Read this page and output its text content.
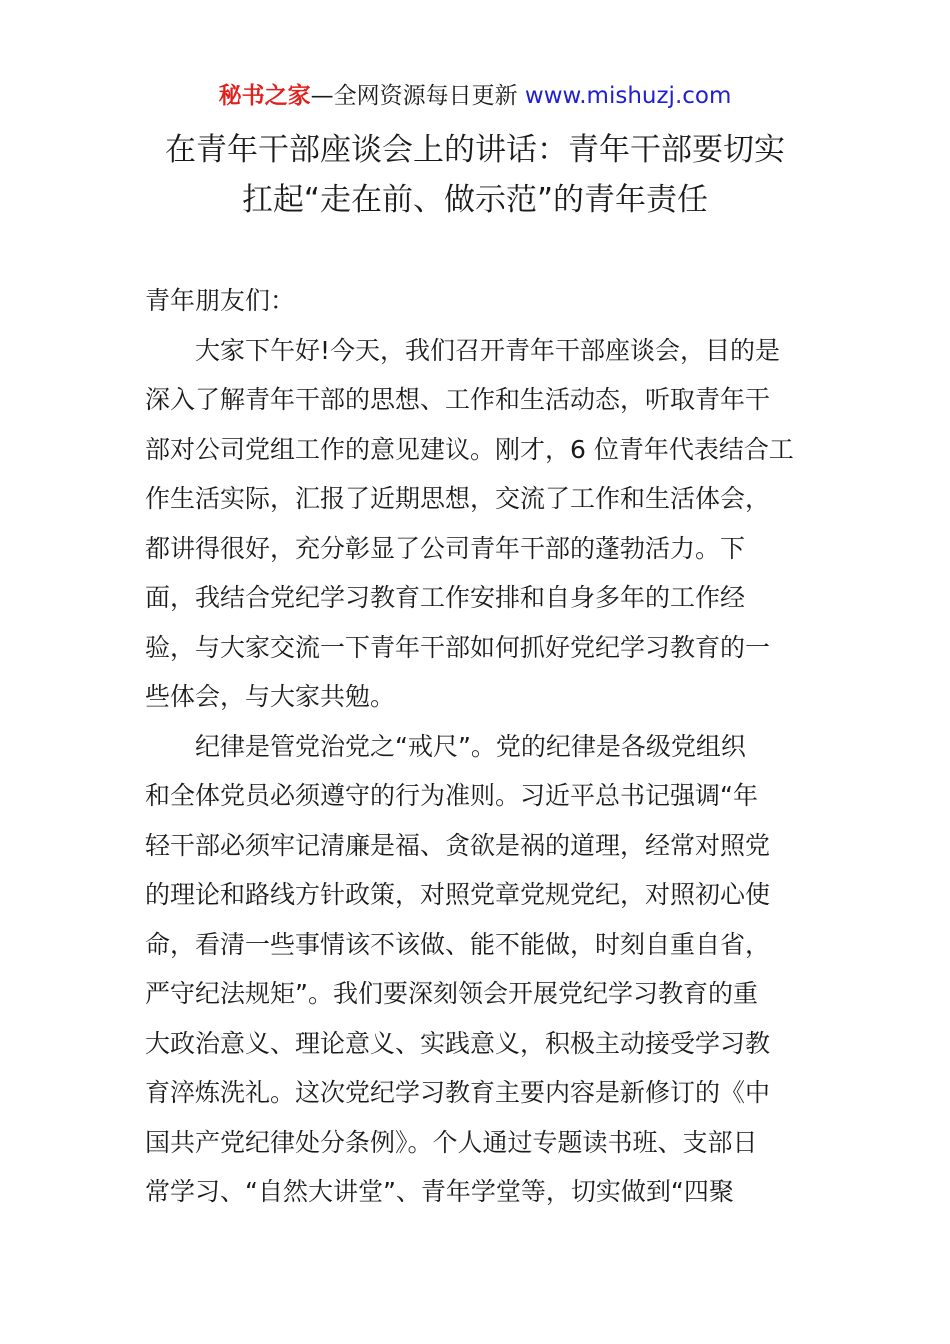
秘书之家—全网资源每日更新 www.mishuzj.com
在青年干部座谈会上的讲话：青年干部要切实
扛起“走在前、做示范”的青年责任

青年朋友们：

大家下午好!今天，我们召开青年干部座谈会，目的是
深入了解青年干部的思想、工作和生活动态，听取青年干
部对公司党组工作的意见建议。刚才，6 位青年代表结合工
作生活实际，汇报了近期思想，交流了工作和生活体会，
都讲得很好，充分彰显了公司青年干部的蓬勃活力。下
面，我结合党纪学习教育工作安排和自身多年的工作经
验，与大家交流一下青年干部如何抓好党纪学习教育的一
些体会，与大家共勉。

纪律是管党治党之“戒尺”。党的纪律是各级党组织
和全体党员必须遵守的行为准则。习近平总书记强调“年
轻干部必须牢记清廉是福、贪欲是祸的道理，经常对照党
的理论和路线方针政策，对照党章党规党纪，对照初心使
命，看清一些事情该不该做、能不能做，时刻自重自省，
严守纪法规矩”。我们要深刻领会开展党纪学习教育的重
大政治意义、理论意义、实践意义，积极主动接受学习教
育淬炼洗礼。这次党纪学习教育主要内容是新修订的《中
国共产党纪律处分条例》。个人通过专题读书班、支部日
常学习、“自然大讲堂”、青年学堂等，切实做到“四聚
